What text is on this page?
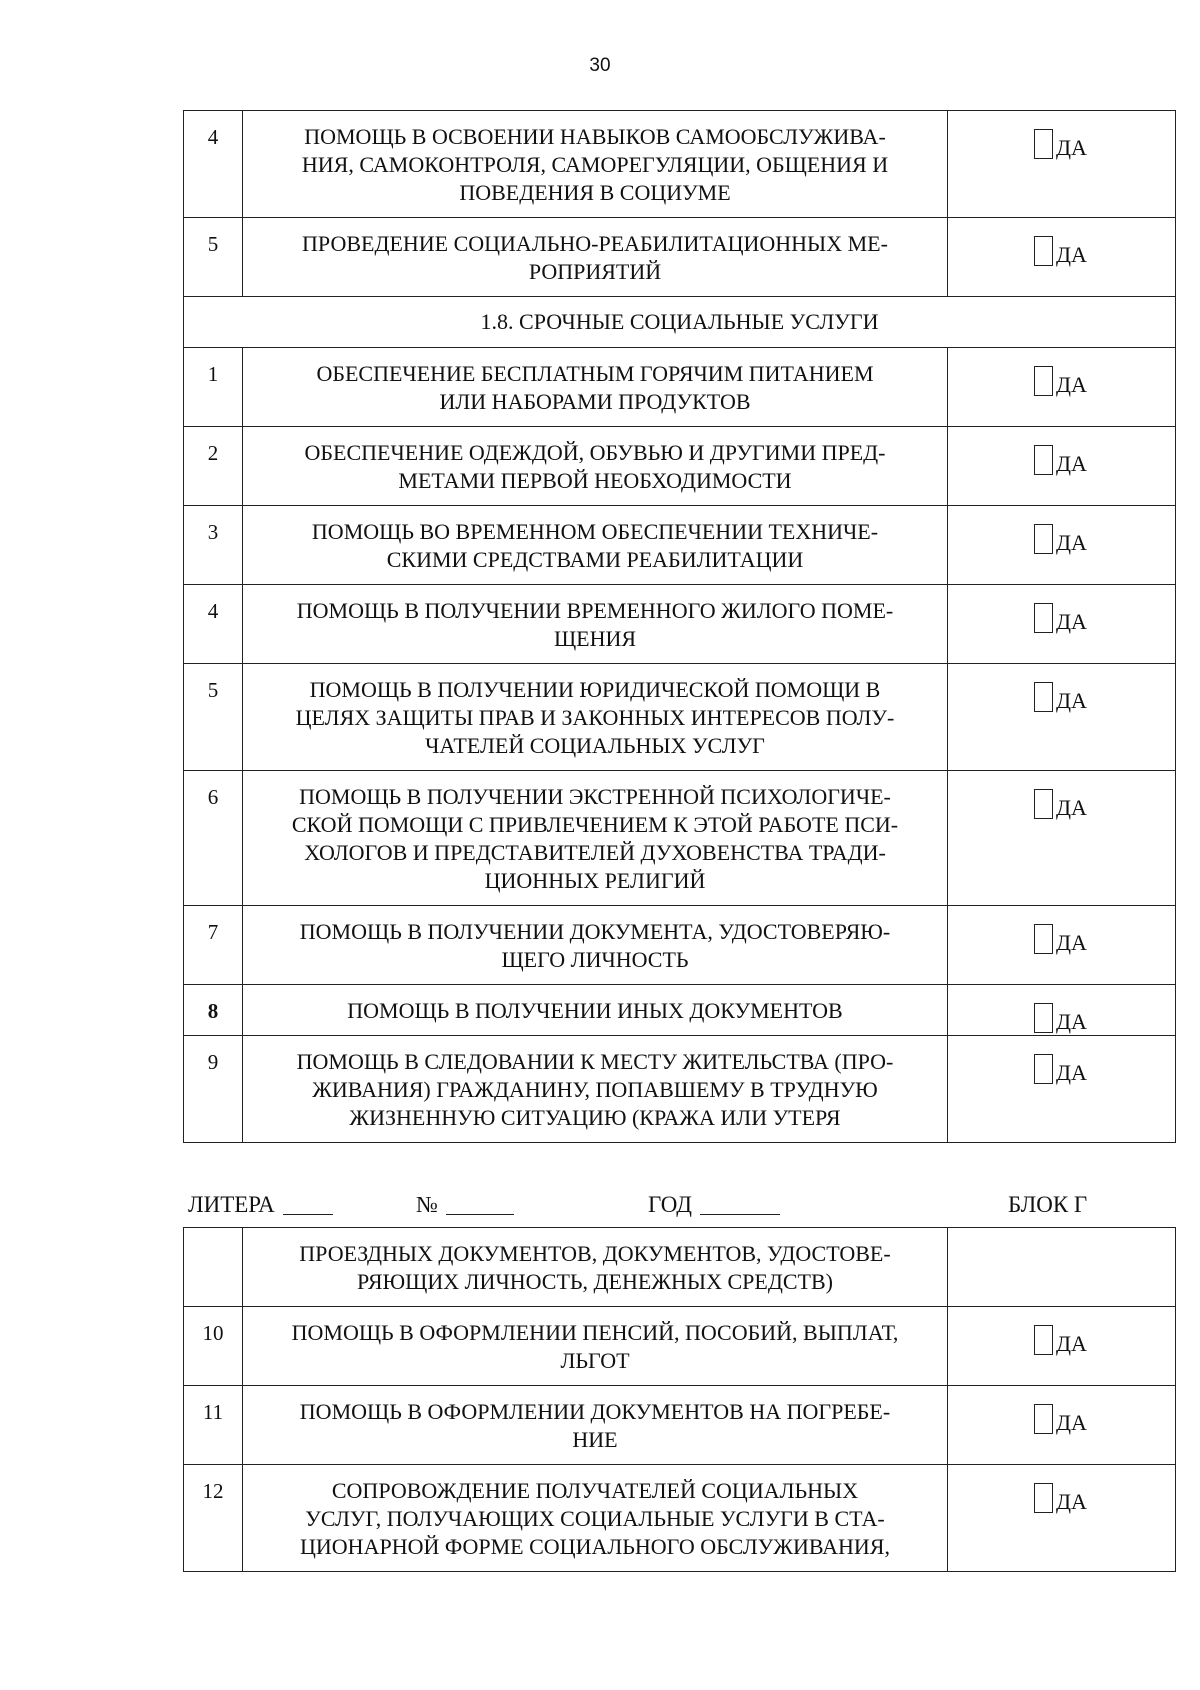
30
4	ПОМОЩЬ В ОСВОЕНИИ НАВЫКОВ САМООБСЛУЖИВА-
НИЯ, САМОКОНТРОЛЯ, САМОРЕГУЛЯЦИИ, ОБЩЕНИЯ И
ПОВЕДЕНИЯ В СОЦИУМЕ	ДА

5	ПРОВЕДЕНИЕ СОЦИАЛЬНО-РЕАБИЛИТАЦИОННЫХ МЕ-
РОПРИЯТИЙ	ДА

1.8. СРОЧНЫЕ СОЦИАЛЬНЫЕ УСЛУГИ		
1	ОБЕСПЕЧЕНИЕ БЕСПЛАТНЫМ ГОРЯЧИМ ПИТАНИЕМ
ИЛИ НАБОРАМИ ПРОДУКТОВ	ДА

2	ОБЕСПЕЧЕНИЕ ОДЕЖДОЙ, ОБУВЬЮ И ДРУГИМИ ПРЕД-
МЕТАМИ ПЕРВОЙ НЕОБХОДИМОСТИ	ДА

3	ПОМОЩЬ ВО ВРЕМЕННОМ ОБЕСПЕЧЕНИИ ТЕХНИЧЕ-
СКИМИ СРЕДСТВАМИ РЕАБИЛИТАЦИИ	ДА

4	ПОМОЩЬ В ПОЛУЧЕНИИ ВРЕМЕННОГО ЖИЛОГО ПОМЕ-
ЩЕНИЯ	ДА

5	ПОМОЩЬ В ПОЛУЧЕНИИ ЮРИДИЧЕСКОЙ ПОМОЩИ В
ЦЕЛЯХ ЗАЩИТЫ ПРАВ И ЗАКОННЫХ ИНТЕРЕСОВ ПОЛУ-
ЧАТЕЛЕЙ СОЦИАЛЬНЫХ УСЛУГ	ДА

6	ПОМОЩЬ В ПОЛУЧЕНИИ ЭКСТРЕННОЙ ПСИХОЛОГИЧЕ-
СКОЙ ПОМОЩИ С ПРИВЛЕЧЕНИЕМ К ЭТОЙ РАБОТЕ ПСИ-
ХОЛОГОВ И ПРЕДСТАВИТЕЛЕЙ ДУХОВЕНСТВА ТРАДИ-
ЦИОННЫХ РЕЛИГИЙ	ДА

7	ПОМОЩЬ В ПОЛУЧЕНИИ ДОКУМЕНТА, УДОСТОВЕРЯЮ-
ЩЕГО ЛИЧНОСТЬ	ДА

8	ПОМОЩЬ В ПОЛУЧЕНИИ ИНЫХ ДОКУМЕНТОВ	ДА

9	ПОМОЩЬ В СЛЕДОВАНИИ К МЕСТУ ЖИТЕЛЬСТВА (ПРО-
ЖИВАНИЯ) ГРАЖДАНИНУ, ПОПАВШЕМУ В ТРУДНУЮ
ЖИЗНЕННУЮ СИТУАЦИЮ (КРАЖА ИЛИ УТЕРЯ	ДА
ЛИТЕРА	№	ГОД	БЛОК Г

	ПРОЕЗДНЫХ ДОКУМЕНТОВ, ДОКУМЕНТОВ, УДОСТОВЕ-
РЯЮЩИХ ЛИЧНОСТЬ, ДЕНЕЖНЫХ СРЕДСТВ)	

10	ПОМОЩЬ В ОФОРМЛЕНИИ ПЕНСИЙ, ПОСОБИЙ, ВЫПЛАТ,
ЛЬГОТ	ДА

11	ПОМОЩЬ В ОФОРМЛЕНИИ ДОКУМЕНТОВ НА ПОГРЕБЕ-
НИЕ	ДА

12	СОПРОВОЖДЕНИЕ ПОЛУЧАТЕЛЕЙ СОЦИАЛЬНЫХ
УСЛУГ, ПОЛУЧАЮЩИХ СОЦИАЛЬНЫЕ УСЛУГИ В СТА-
ЦИОНАРНОЙ ФОРМЕ СОЦИАЛЬНОГО ОБСЛУЖИВАНИЯ,	ДА
